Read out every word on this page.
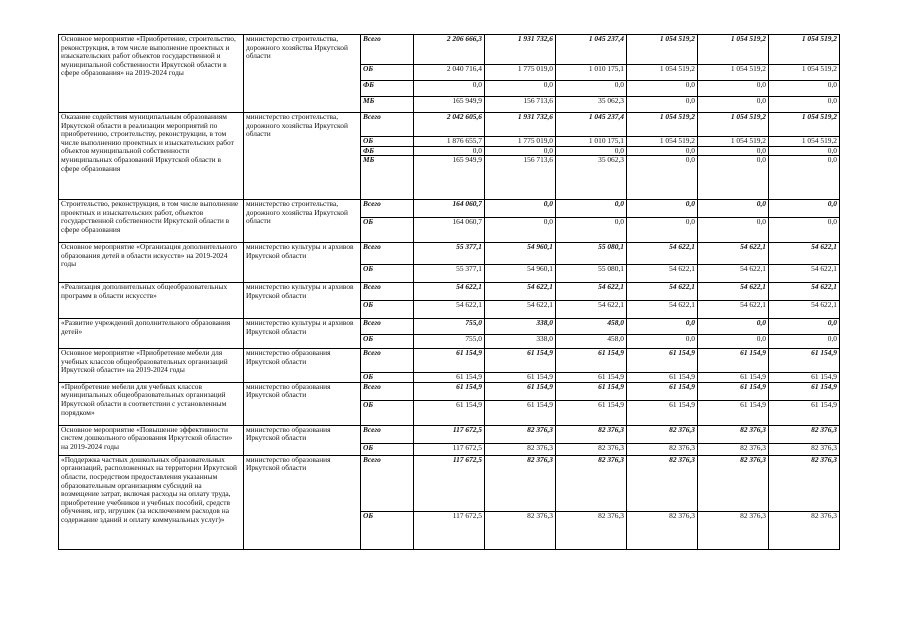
Основное мероприятие «Приобретение, строительство, реконструкция, в том числе выполнение проектных и изыскательских работ объектов государственной и муниципальной собственности Иркутской области в сфере образования» на 2019-2024 годы	министерство строительства, дорожного хозяйства Иркутской области	Всего	2 206 666,3	1 931 732,6	1 045 237,4	1 054 519,2	1 054 519,2	1 054 519,2
		ОБ	2 040 716,4	1 775 019,0	1 010 175,1	1 054 519,2	1 054 519,2	1 054 519,2
		ФБ	0,0	0,0	0,0	0,0	0,0	0,0
		МБ	165 949,9	156 713,6	35 062,3	0,0	0,0	0,0
Оказание содействия муниципальным образованиям Иркутской области в реализации мероприятий по приобретению, строительству, реконструкции, в том числе выполнению проектных и изыскательских работ объектов муниципальной собственности муниципальных образований Иркутской области в сфере образования	министерство строительства, дорожного хозяйства Иркутской области	Всего	2 042 605,6	1 931 732,6	1 045 237,4	1 054 519,2	1 054 519,2	1 054 519,2
		ОБ	1 876 655,7	1 775 019,0	1 010 175,1	1 054 519,2	1 054 519,2	1 054 519,2
		ФБ	0,0	0,0	0,0	0,0	0,0	0,0
		МБ	165 949,9	156 713,6	35 062,3	0,0	0,0	0,0
Строительство, реконструкция, в том числе выполнение проектных и изыскательских работ, объектов государственной собственности Иркутской области в сфере образования	министерство строительства, дорожного хозяйства Иркутской области	Всего	164 060,7	0,0	0,0	0,0	0,0	0,0
		ОБ	164 060,7	0,0	0,0	0,0	0,0	0,0
Основное мероприятие «Организация дополнительного образования детей в области искусств» на 2019-2024 годы	министерство культуры и архивов Иркутской области	Всего	55 377,1	54 960,1	55 080,1	54 622,1	54 622,1	54 622,1
		ОБ	55 377,1	54 960,1	55 080,1	54 622,1	54 622,1	54 622,1
«Реализация дополнительных общеобразовательных программ в области искусств»	министерство культуры и архивов Иркутской области	Всего	54 622,1	54 622,1	54 622,1	54 622,1	54 622,1	54 622,1
		ОБ	54 622,1	54 622,1	54 622,1	54 622,1	54 622,1	54 622,1
«Развитие учреждений дополнительного образования детей»	министерство культуры и архивов Иркутской области	Всего	755,0	338,0	458,0	0,0	0,0	0,0
		ОБ	755,0	338,0	458,0	0,0	0,0	0,0
Основное мероприятие «Приобретение мебели для учебных классов общеобразовательных организаций Иркутской области» на 2019-2024 годы	министерство образования Иркутской области	Всего	61 154,9	61 154,9	61 154,9	61 154,9	61 154,9	61 154,9
		ОБ	61 154,9	61 154,9	61 154,9	61 154,9	61 154,9	61 154,9
«Приобретение мебели для учебных классов муниципальных общеобразовательных организаций Иркутской области в соответствии с установленным порядком»	министерство образования Иркутской области	Всего	61 154,9	61 154,9	61 154,9	61 154,9	61 154,9	61 154,9
		ОБ	61 154,9	61 154,9	61 154,9	61 154,9	61 154,9	61 154,9
Основное мероприятие «Повышение эффективности систем дошкольного образования Иркутской области» на 2019-2024 годы	министерство образования Иркутской области	Всего	117 672,5	82 376,3	82 376,3	82 376,3	82 376,3	82 376,3
		ОБ	117 672,5	82 376,3	82 376,3	82 376,3	82 376,3	82 376,3
«Поддержка частных дошкольных образовательных организаций, расположенных на территории Иркутской области, посредством предоставления указанным образовательным организациям субсидий на возмещение затрат, включая расходы на оплату труда, приобретение учебников и учебных пособий, средств обучения, игр, игрушек (за исключением расходов на содержание зданий и оплату коммунальных услуг)»	министерство образования Иркутской области	Всего	117 672,5	82 376,3	82 376,3	82 376,3	82 376,3	82 376,3
		ОБ	117 672,5	82 376,3	82 376,3	82 376,3	82 376,3	82 376,3
